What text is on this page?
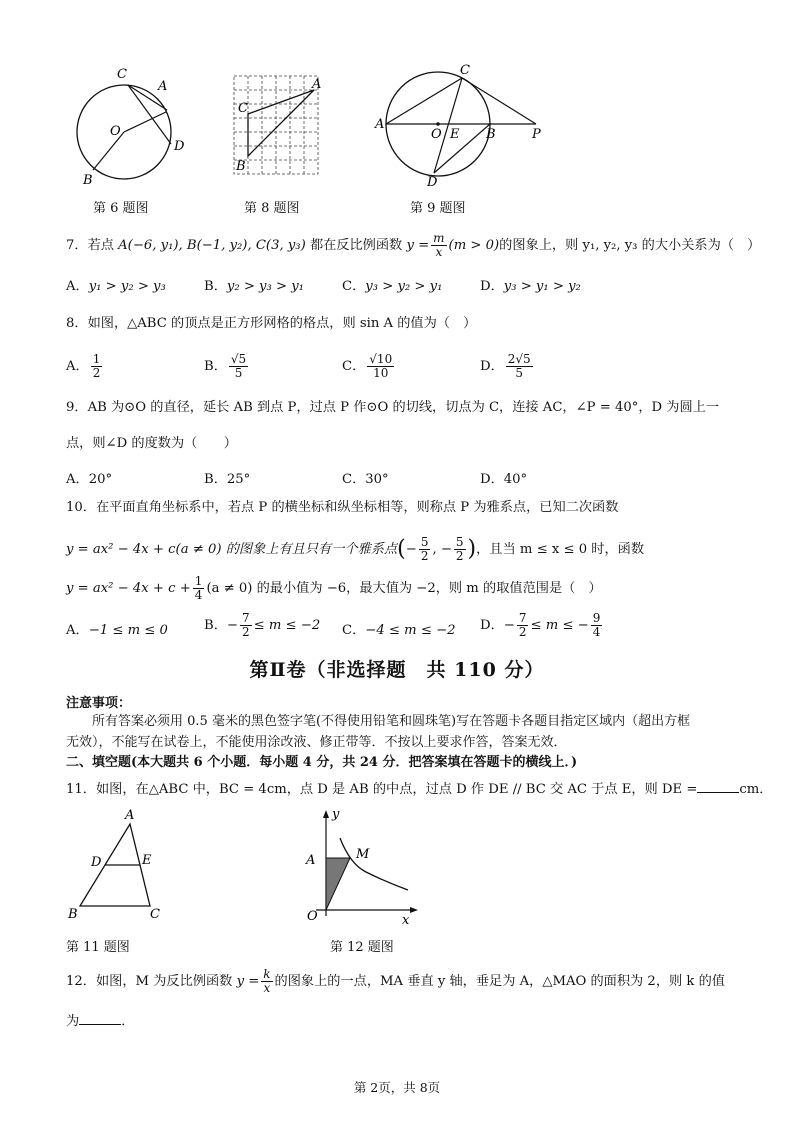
C
A
O
D
B
第 6 题图
A
C
B
第 8 题图
C
A
O E B	P
D
第 9 题图
7．若点 A(−6, y₁), B(−1, y₂), C(3, y₃) 都在反比例函数 $y = \frac{m}{x} (m > 0)$的图象上，则 y₁, y₂, y₃ 的大小关系为（　）
A．y₁ > y₂ > y₃	B．y₂ > y₃ > y₁	C．y₃ > y₂ > y₁	D．y₃ > y₁ > y₂
8．如图，△ABC 的顶点是正方形网格的格点，则 sin A 的值为（　）
A． $\frac{1}{2}$	B． $\frac{√5}{5}$	C． $\frac{√10}{10}$	D． $\frac{2√5}{5}$
9．AB 为⊙O 的直径，延长 AB 到点 P，过点 P 作⊙O 的切线，切点为 C，连接 AC，∠P = 40°，D 为圆上一
点，则∠D 的度数为（　　）
A．20°	B．25°	C．30°	D．40°
10．在平面直角坐标系中，若点 P 的横坐标和纵坐标相等，则称点 P 为雅系点，已知二次函数
y = ax² − 4x + c(a ≠ 0) 的图象上有且只有一个雅系点(− $\frac{5}{2}$ , − $\frac{5}{2}$ )，且当 m ≤ x ≤ 0 时，函数
$y = ax^2 - 4x + c + \frac{1}{4} (a \ne 0)$ 的最小值为 −6，最大值为 −2，则 m 的取值范围是（　）
A．−1 ≤ m ≤ 0	B．− $\frac{7}{2} \le m \le -2$ C．−4 ≤ m ≤ −2 D．− $\frac{7}{2} \le m$ ≤ − $\frac{9}{4}$
第Ⅱ卷（非选择题　共 110 分）
注意事项：
所有答案必须用 0.5 毫米的黑色签字笔(不得使用铅笔和圆珠笔)写在答题卡各题目指定区域内（超出方框
无效），不能写在试卷上，不能使用涂改液、修正带等．不按以上要求作答，答案无效．
二、填空题(本大题共 6 个小题．每小题 4 分，共 24 分．把答案填在答题卡的横线上．)
11．如图，在△ABC 中，BC = 4cm，点 D 是 AB 的中点，过点 D 作 DE // BC 交 AC 于点 E，则 DE =	cm．
A
D	E
B	C
第 11 题图
y
A	M
O	x
第 12 题图
12．如图，M 为反比例函数 $y = \frac{k}{x}$ 的图象上的一点，MA 垂直 y 轴，垂足为 A，△MAO 的面积为 2，则 k 的值
为	．
第 2页，共 8页
